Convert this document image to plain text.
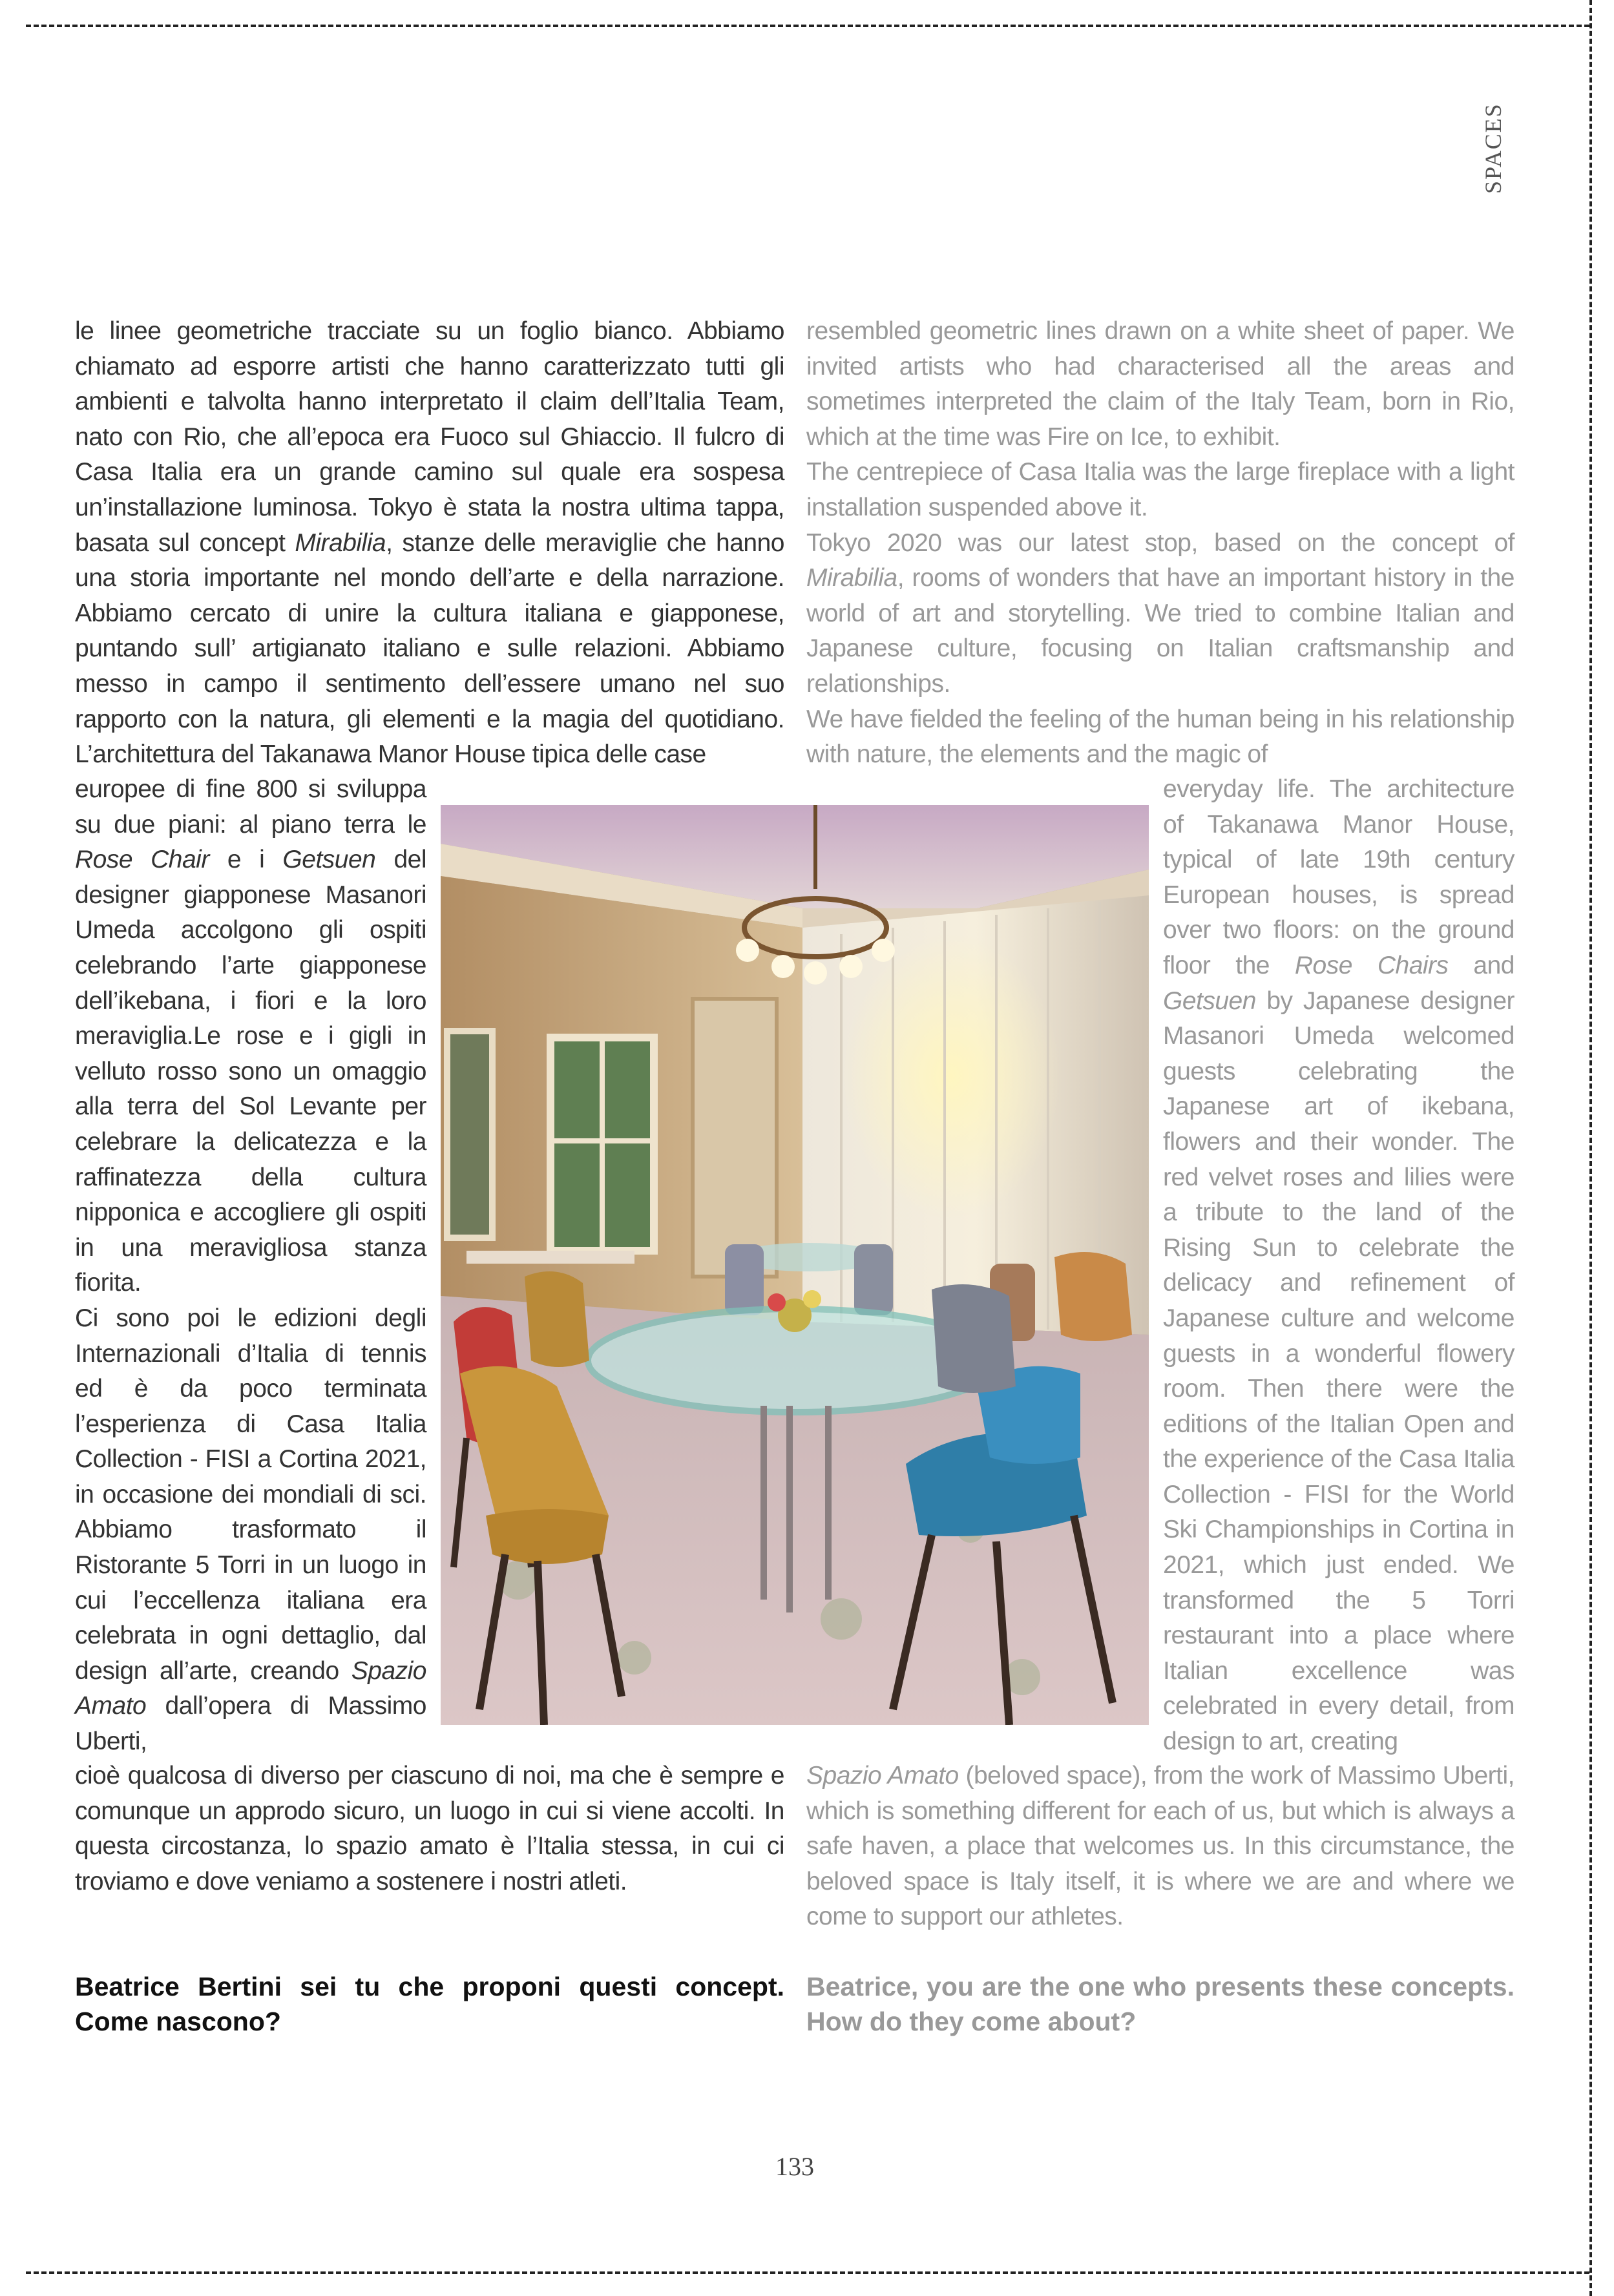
SPACES

le linee geometriche tracciate su un foglio bianco. Abbiamo chiamato ad esporre artisti che hanno caratterizzato tutti gli ambienti e talvolta hanno interpretato il claim dell’Italia Team, nato con Rio, che all’epoca era Fuoco sul Ghiaccio. Il fulcro di Casa Italia era un grande camino sul quale era sospesa un’installazione luminosa. Tokyo è stata la nostra ultima tappa, basata sul concept Mirabilia, stanze delle meraviglie che hanno una storia importante nel mondo dell’arte e della narrazione. Abbiamo cercato di unire la cultura italiana e giapponese, puntando sull’ artigianato italiano e sulle relazioni. Abbiamo messo in campo il sentimento dell’essere umano nel suo rapporto con la natura, gli elementi e la magia del quotidiano. L’architettura del Takanawa Manor House tipica delle case

europee di fine 800 si sviluppa su due piani: al piano terra le Rose Chair e i Getsuen del designer giapponese Masanori Umeda accolgono gli ospiti celebrando l’arte giapponese dell’ikebana, i fiori e la loro meraviglia.Le rose e i gigli in velluto rosso sono un omaggio alla terra del Sol Levante per celebrare la delicatezza e la raffinatezza della cultura nipponica e accogliere gli ospiti in una meravigliosa stanza fiorita.

Ci sono poi le edizioni degli Internazionali d’Italia di tennis ed è da poco terminata l’esperienza di Casa Italia Collection - FISI a Cortina 2021, in occasione dei mondiali di sci. Abbiamo trasformato il Ristorante 5 Torri in un luogo in cui l’eccellenza italiana era celebrata in ogni dettaglio, dal design all’arte, creando Spazio Amato dall’opera di Massimo Uberti,

cioè qualcosa di diverso per ciascuno di noi, ma che è sempre e comunque un approdo sicuro, un luogo in cui si viene accolti. In questa circostanza, lo spazio amato è l’Italia stessa, in cui ci troviamo e dove veniamo a sostenere i nostri atleti.

resembled geometric lines drawn on a white sheet of paper. We invited artists who had characterised all the areas and sometimes interpreted the claim of the Italy Team, born in Rio, which at the time was Fire on Ice, to exhibit.

The centrepiece of Casa Italia was the large fireplace with a light installation suspended above it.

Tokyo 2020 was our latest stop, based on the concept of Mirabilia, rooms of wonders that have an important history in the world of art and storytelling. We tried to combine Italian and Japanese culture, focusing on Italian craftsmanship and relationships.

We have fielded the feeling of the human being in his relationship with nature, the elements and the magic of

everyday life. The architecture of Takanawa Manor House, typical of late 19th century European houses, is spread over two floors: on the ground floor the Rose Chairs and Getsuen by Japanese designer Masanori Umeda welcomed guests celebrating the Japanese art of ikebana, flowers and their wonder. The red velvet roses and lilies were a tribute to the land of the Rising Sun to celebrate the delicacy and refinement of Japanese culture and welcome guests in a wonderful flowery room. Then there were the editions of the Italian Open and the experience of the Casa Italia Collection - FISI for the World Ski Championships in Cortina in 2021, which just ended. We transformed the 5 Torri restaurant into a place where Italian excellence was celebrated in every detail, from design to art, creating

Spazio Amato (beloved space), from the work of Massimo Uberti, which is something different for each of us, but which is always a safe haven, a place that welcomes us. In this circumstance, the beloved space is Italy itself, it is where we are and where we come to support our athletes.

Beatrice Bertini sei tu che proponi questi concept. Come nascono?
Beatrice, you are the one who presents these concepts. How do they come about?
133
